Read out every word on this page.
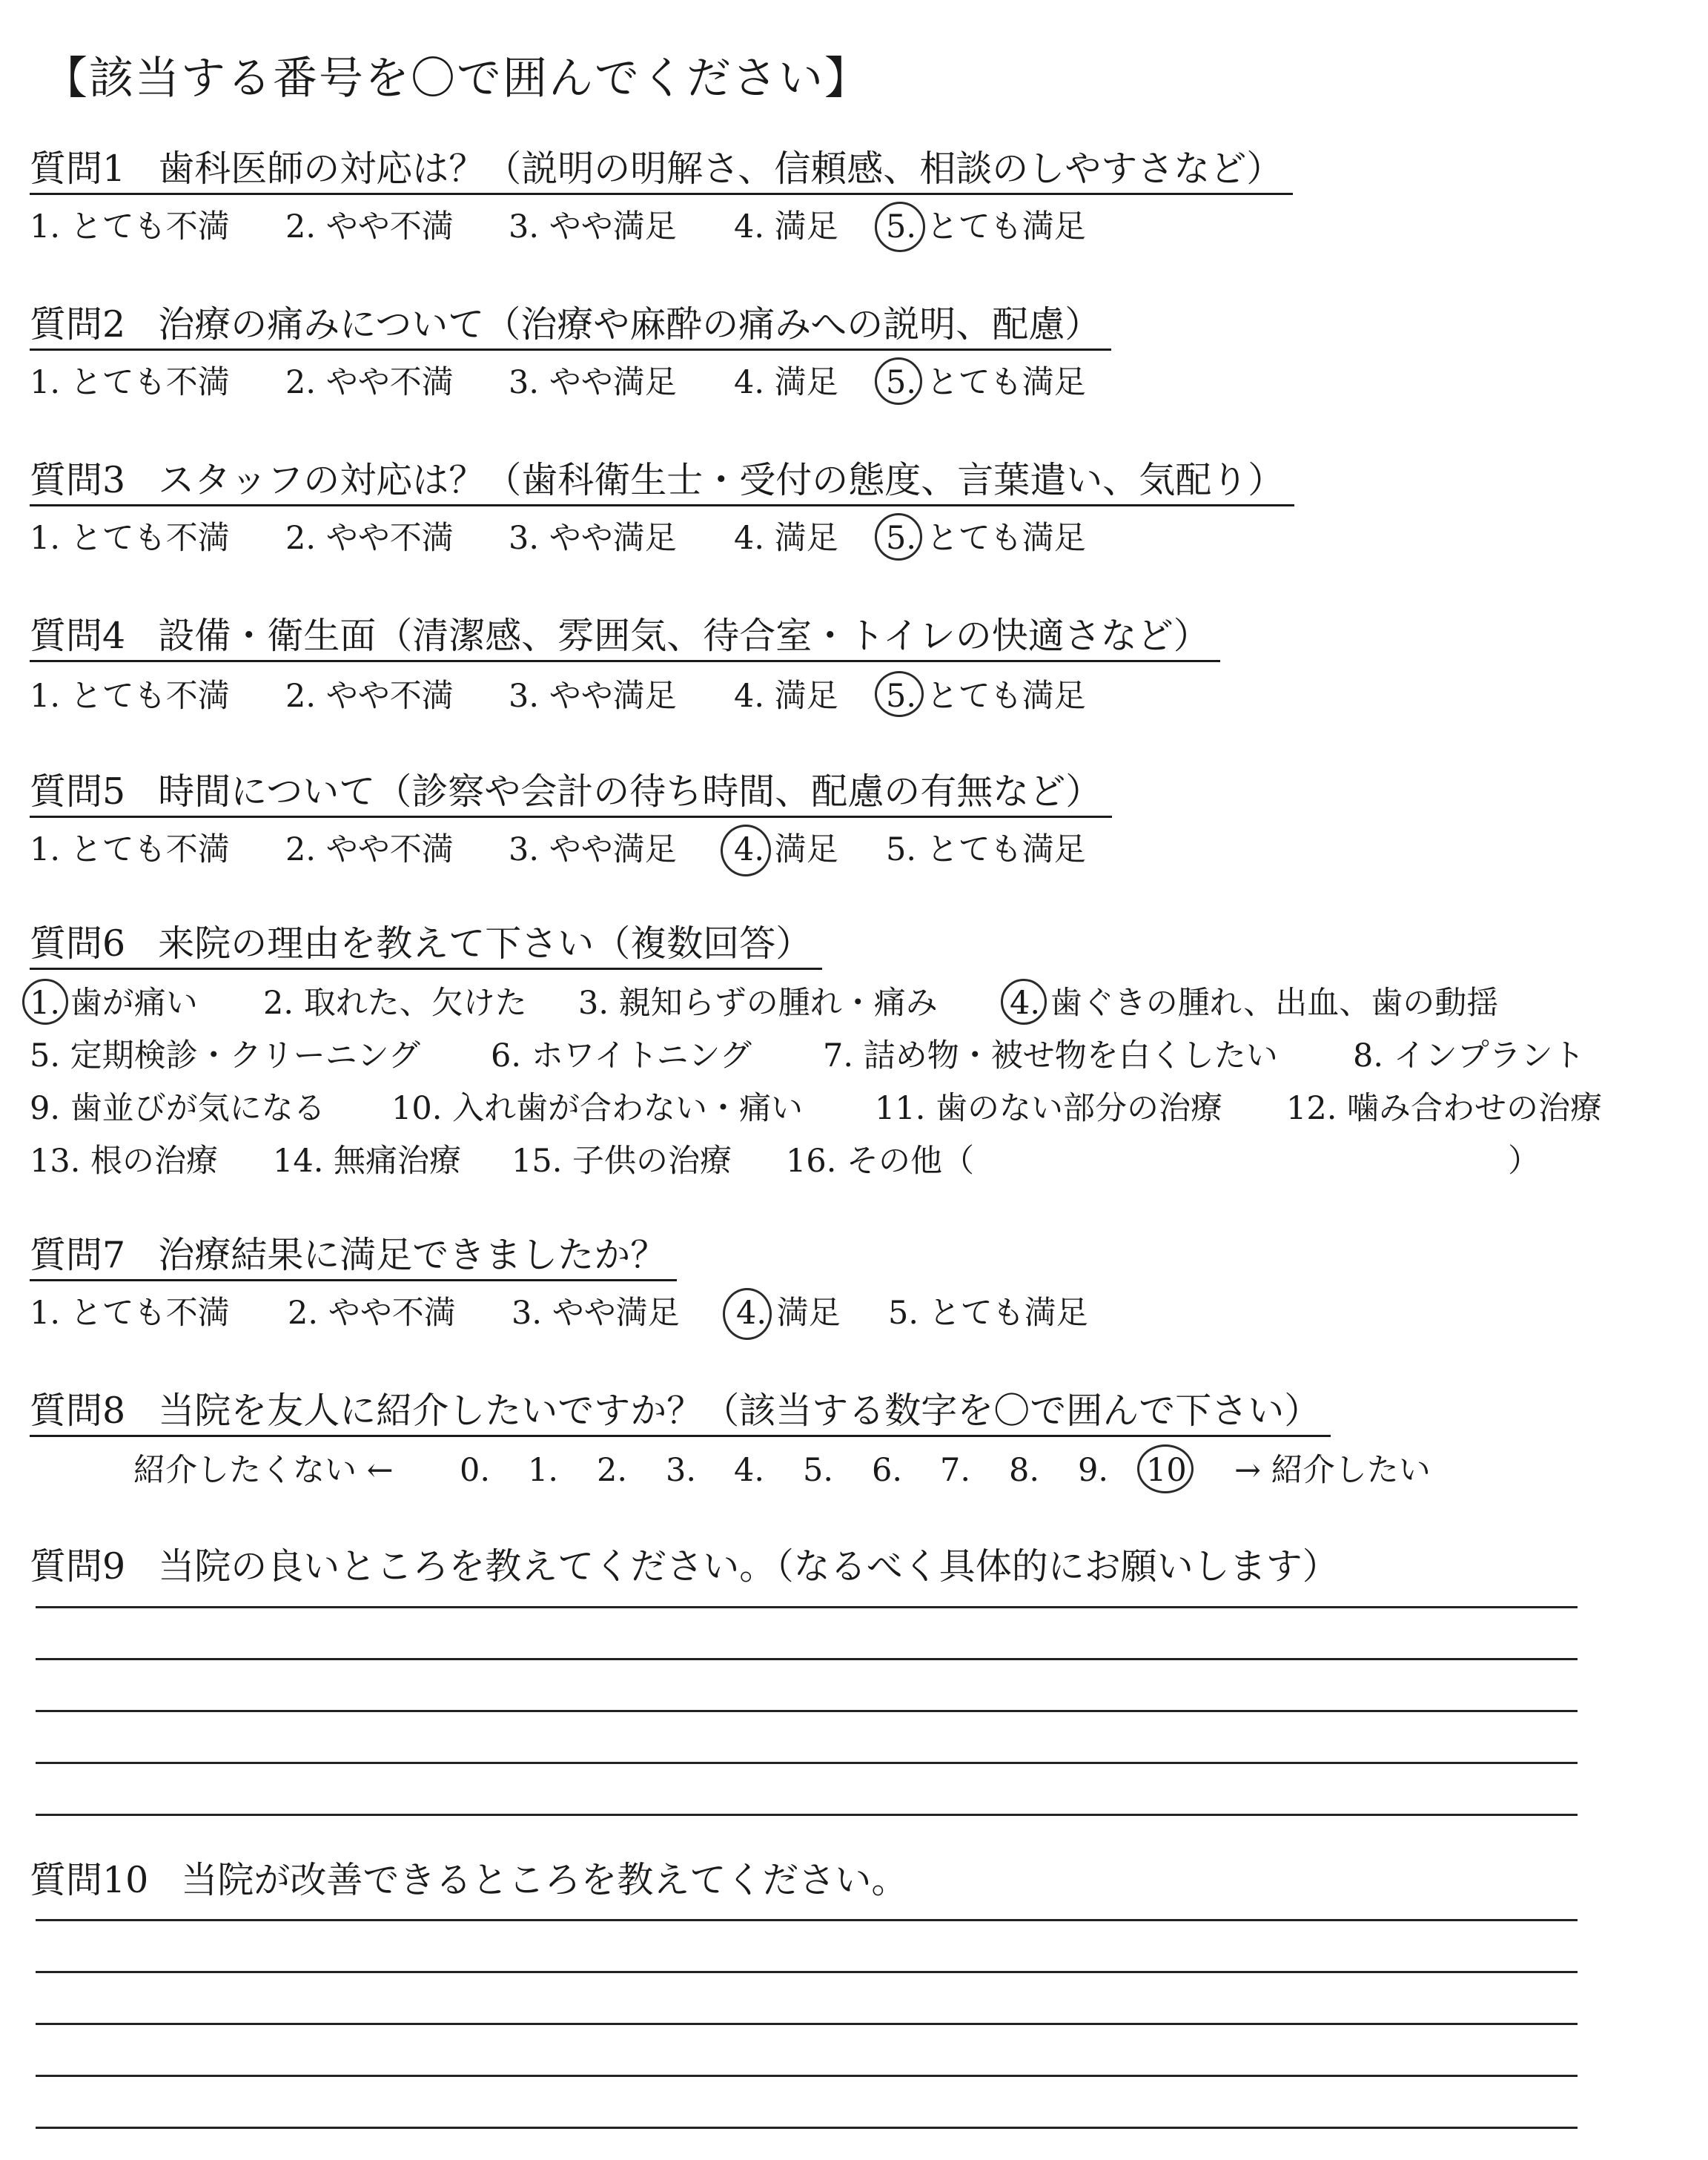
【該当する番号を〇で囲んでください】
質問1 歯科医師の対応は？（説明の明解さ、信頼感、相談のしやすさなど）
1. とても不満 2. やや不満 3. やや満足 4. 満足 5. とても満足
質問2 治療の痛みについて（治療や麻酔の痛みへの説明、配慮）
1. とても不満 2. やや不満 3. やや満足 4. 満足 5. とても満足
質問3 スタッフの対応は？（歯科衛生士・受付の態度、言葉遣い、気配り）
1. とても不満 2. やや不満 3. やや満足 4. 満足 5. とても満足
質問4 設備・衛生面（清潔感、雰囲気、待合室・トイレの快適さなど）
1. とても不満 2. やや不満 3. やや満足 4. 満足 5. とても満足
質問5 時間について（診察や会計の待ち時間、配慮の有無など）
1. とても不満 2. やや不満 3. やや満足 4. 満足 5. とても満足
質問6 来院の理由を教えて下さい（複数回答）
1. 歯が痛い 2. 取れた、欠けた 3. 親知らずの腫れ・痛み 4. 歯ぐきの腫れ、出血、歯の動揺
5. 定期検診・クリーニング 6. ホワイトニング 7. 詰め物・被せ物を白くしたい 8. インプラント
9. 歯並びが気になる 10. 入れ歯が合わない・痛い 11. 歯のない部分の治療 12. 噛み合わせの治療
13. 根の治療 14. 無痛治療 15. 子供の治療 16. その他（	）
質問7 治療結果に満足できましたか？
1. とても不満 2. やや不満 3. やや満足 4. 満足 5. とても満足
質問8 当院を友人に紹介したいですか？（該当する数字を〇で囲んで下さい）
紹介したくない ← 0. 1. 2. 3. 4. 5. 6. 7. 8. 9. 10 → 紹介したい
質問9 当院の良いところを教えてください。（なるべく具体的にお願いします）
質問10 当院が改善できるところを教えてください。
